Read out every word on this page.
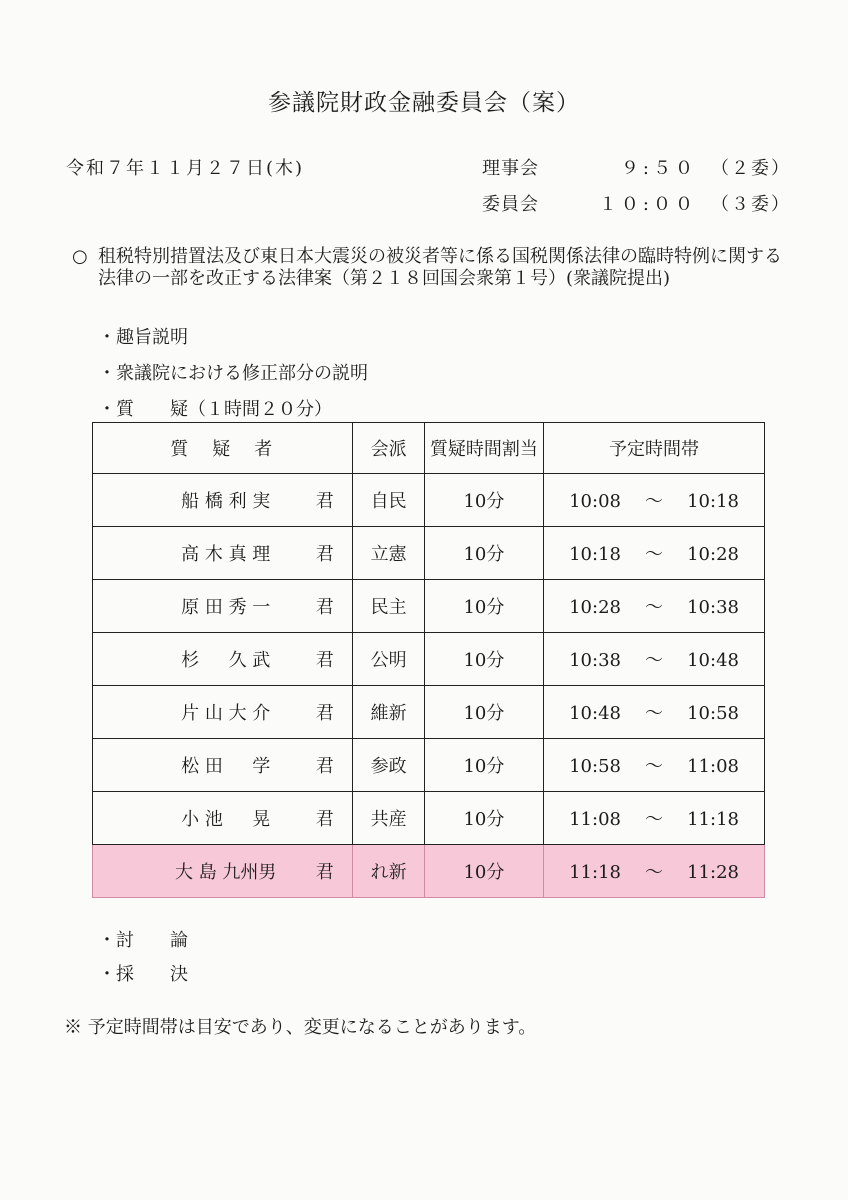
参議院財政金融委員会（案）
令和７年１１月２７日(木)	理事会	９:５０ （２委）
委員会	１０:００ （３委）
○ 租税特別措置法及び東日本大震災の被災者等に係る国税関係法律の臨時特例に関する法律の一部を改正する法律案（第２１８回国会衆第１号）(衆議院提出)
・趣旨説明
・衆議院における修正部分の説明
・質　　疑（１時間２０分）
質　疑　者	会派	質疑時間割当	予定時間帯
船 橋 利 実 君	自民	10分	10:08 〜 10:18
高 木 真 理 君	立憲	10分	10:18 〜 10:28
原 田 秀 一 君	民主	10分	10:28 〜 10:38
杉 　 久 武 君	公明	10分	10:38 〜 10:48
片 山 大 介 君	維新	10分	10:48 〜 10:58
松 田 　 学 君	参政	10分	10:58 〜 11:08
小 池 　 晃 君	共産	10分	11:08 〜 11:18
大 島 九州男 君	れ新	10分	11:18 〜 11:28
・討　　論
・採　　決
※ 予定時間帯は目安であり、変更になることがあります。
